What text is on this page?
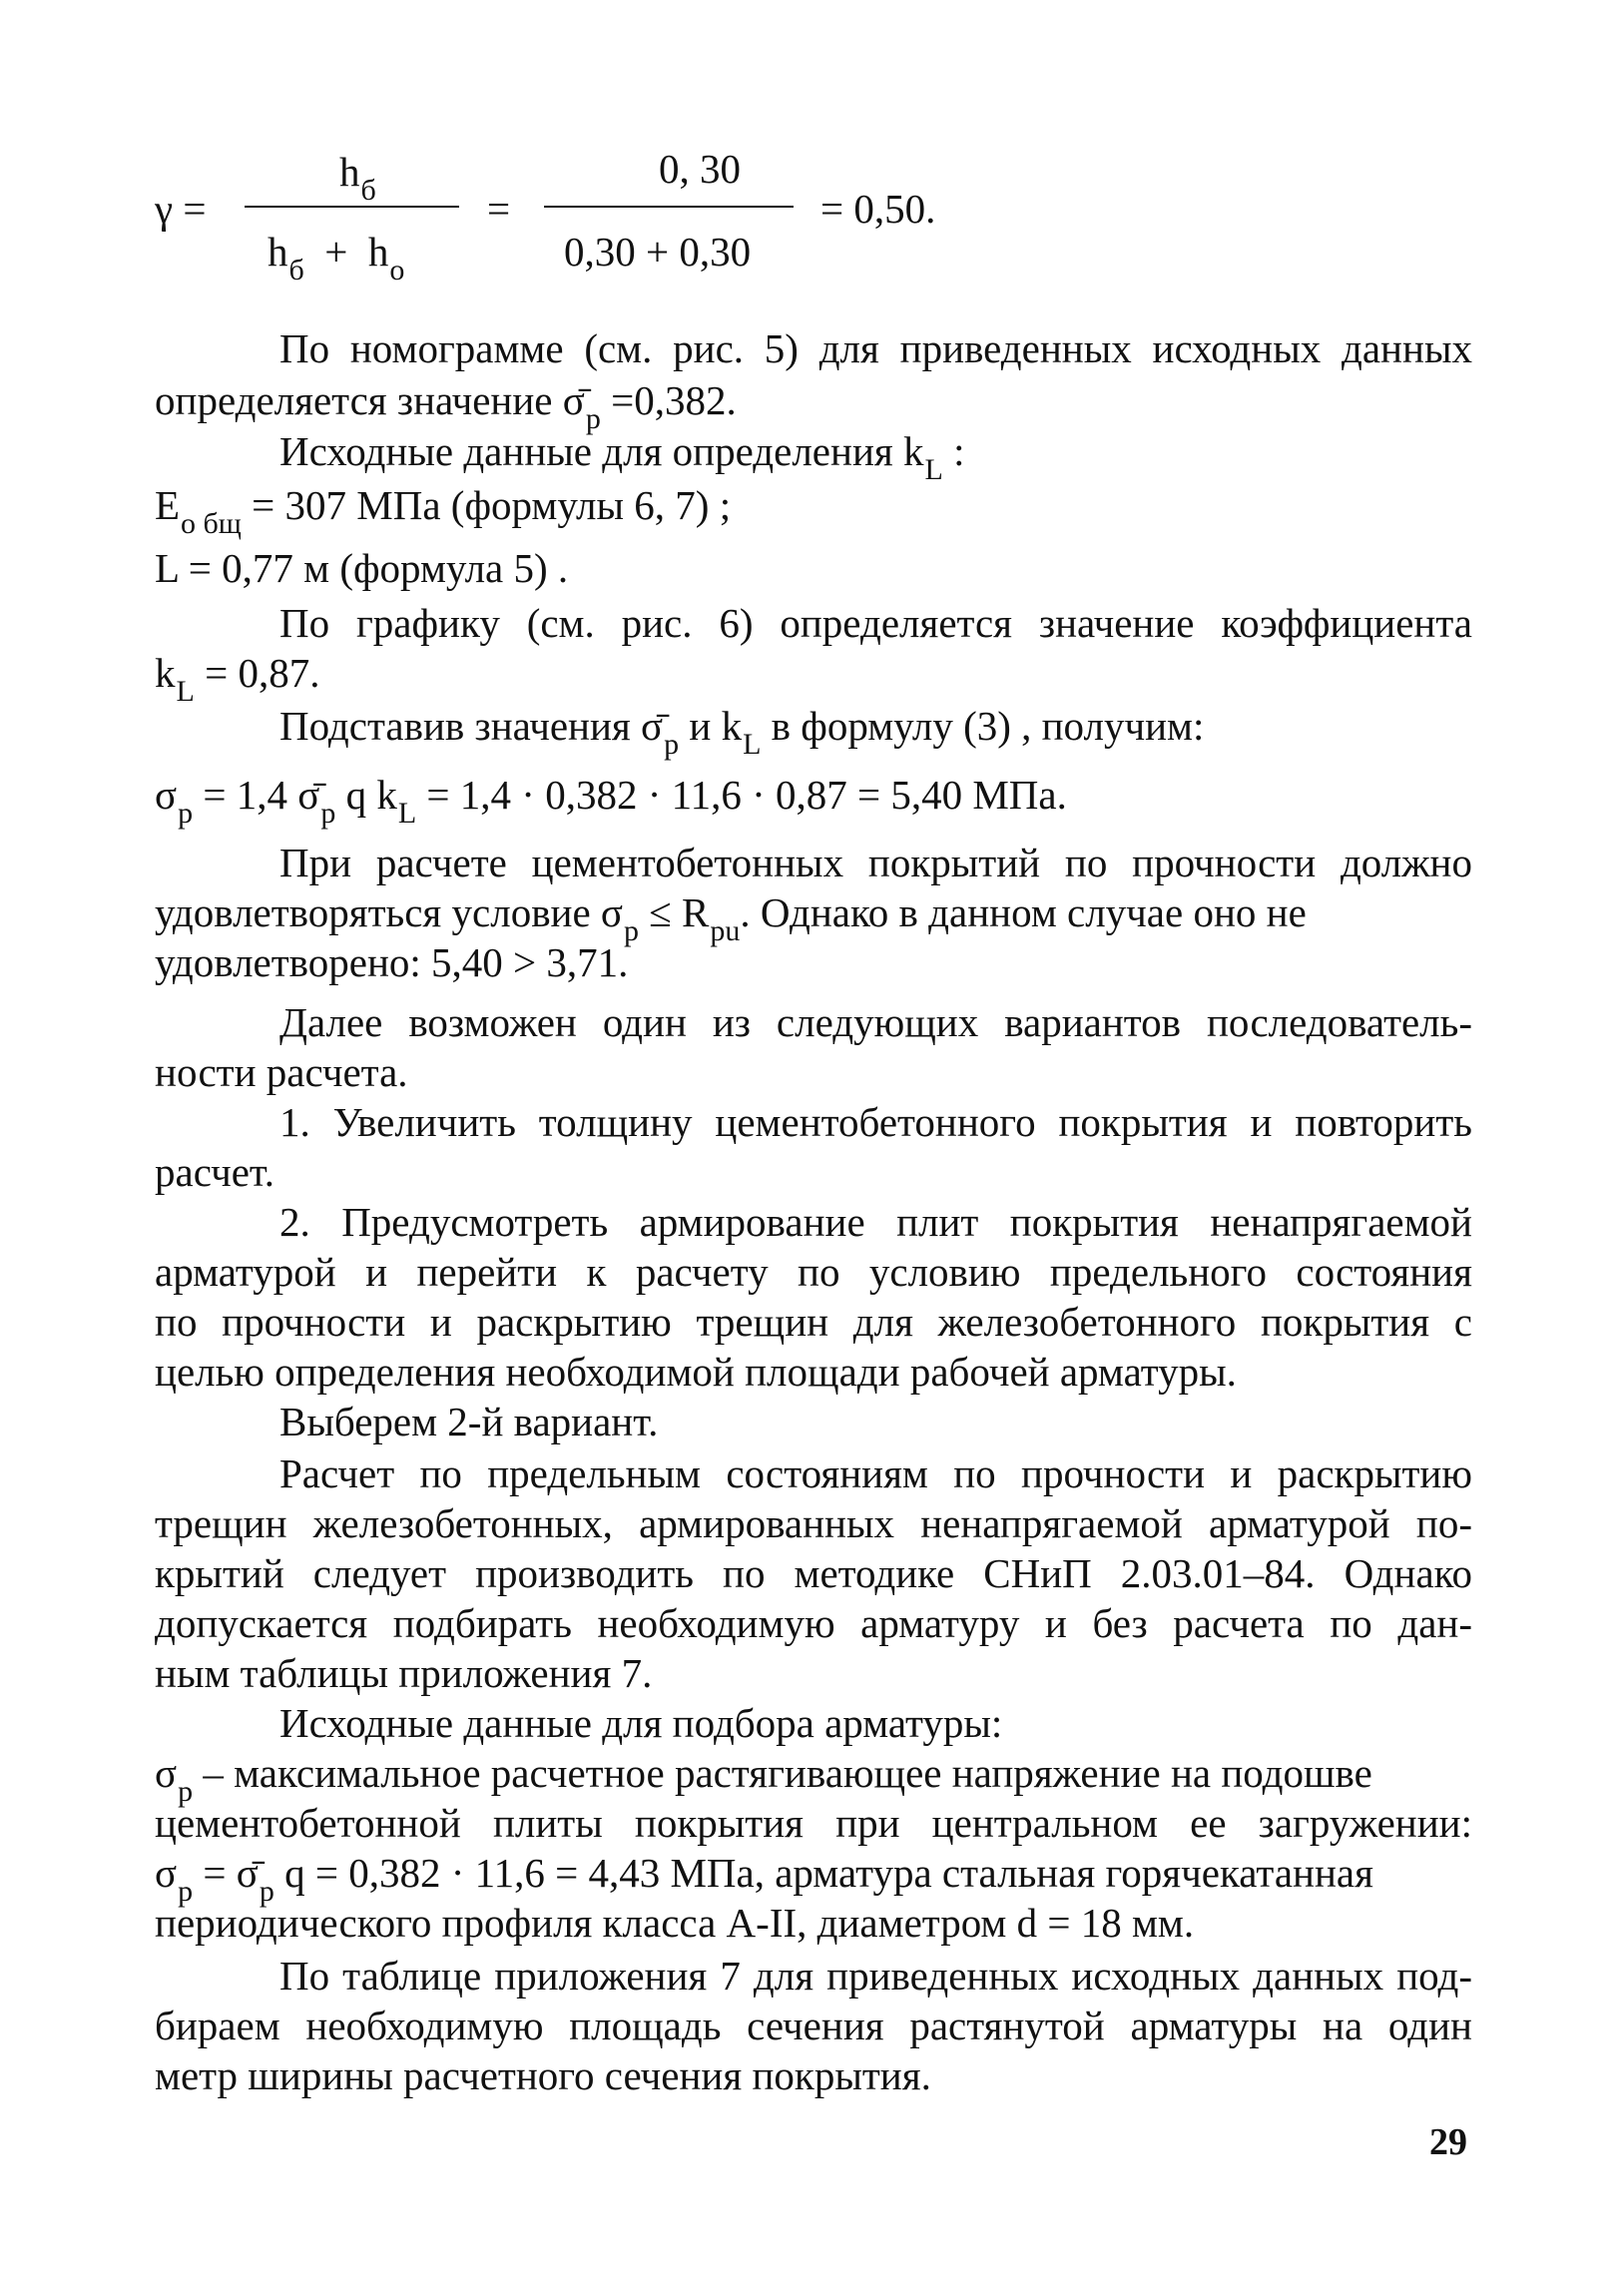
γ =
$h_б$
$h_б + h_o$
=
0, 30
0,30 + 0,30
= 0,50.
По номограмме (см. рис. 5) для приведенных исходных данных
определяется значение $\sigmā_р =0,382$.
Исходные данные для определения $k_L$ :
$E_{о бщ} = 307$ МПа (формулы 6, 7) ;
L = 0,77 м (формула 5) .
По графику (см. рис. 6) определяется значение коэффициента
$k_L = 0,87$.
Подставив значения $\sigmā_р$ и $k_L$ в формулу (3) , получим:
$\sigma_р = 1,4$ $\sigmā_р$ q $k_L = 1,4 \cdot 0,382 \cdot 11,6 \cdot 0,87 = 5,40$ МПа.
При расчете цементобетонных покрытий по прочности должно
удовлетворяться условие $\sigma_р \le R_{pu}$. Однако в данном случае оно не
удовлетворено: 5,40 > 3,71.
Далее возможен один из следующих вариантов последователь-
ности расчета.
1. Увеличить толщину цементобетонного покрытия и повторить
расчет.
2. Предусмотреть армирование плит покрытия ненапрягаемой
арматурой и перейти к расчету по условию предельного состояния
по прочности и раскрытию трещин для железобетонного покрытия с
целью определения необходимой площади рабочей арматуры.
Выберем 2-й вариант.
Расчет по предельным состояниям по прочности и раскрытию
трещин железобетонных, армированных ненапрягаемой арматурой по-
крытий следует производить по методике СНиП 2.03.01–84. Однако
допускается подбирать необходимую арматуру и без расчета по дан-
ным таблицы приложения 7.
Исходные данные для подбора арматуры:
$\sigma_р$ – максимальное расчетное растягивающее напряжение на подошве
цементобетонной плиты покрытия при центральном ее загружении:
$\sigma_р$ = $\sigmā_р$ q = 0,382 · 11,6 = 4,43 МПа, арматура стальная горячекатанная
периодического профиля класса А-II, диаметром d = 18 мм.
По таблице приложения 7 для приведенных исходных данных под-
бираем необходимую площадь сечения растянутой арматуры на один
метр ширины расчетного сечения покрытия.
29
